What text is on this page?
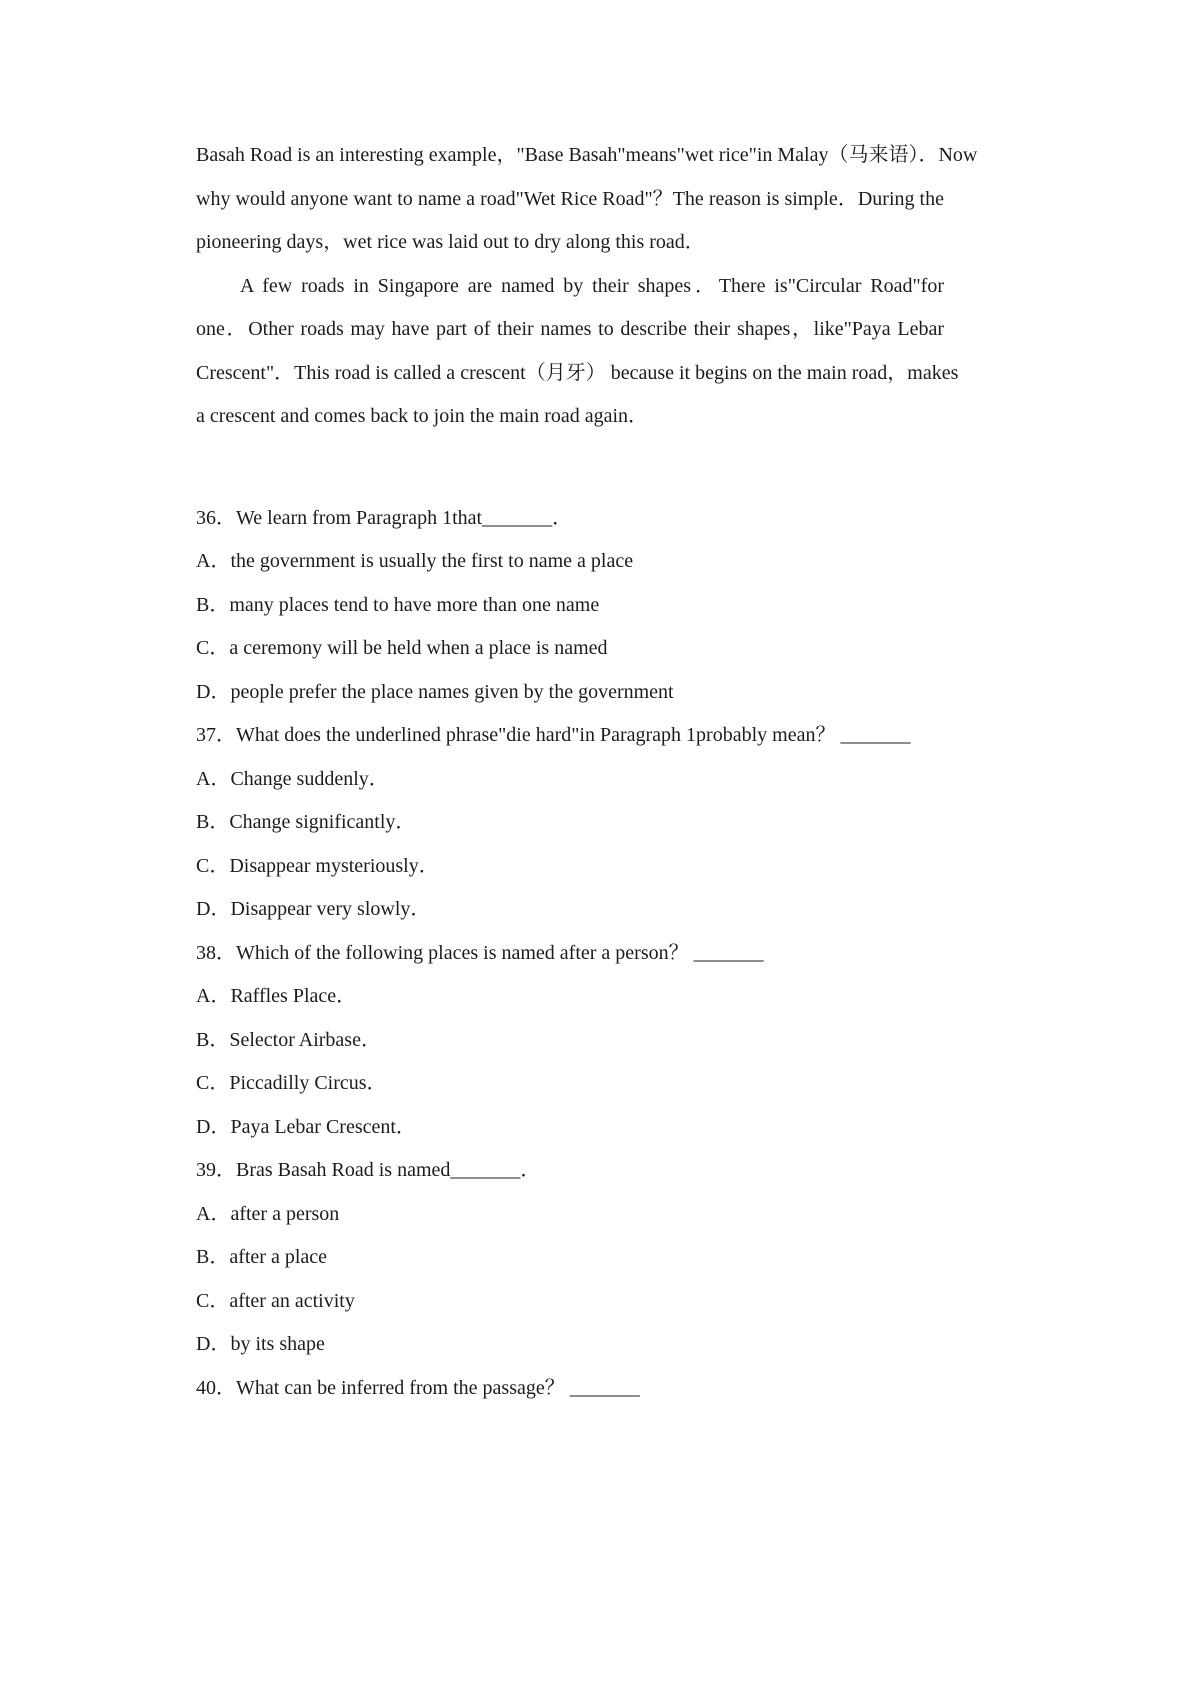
Basah Road is an interesting example，"Base Basah"means"wet rice"in Malay（马来语）．Now
why would anyone want to name a road"Wet Rice Road"？The reason is simple．During the
pioneering days，wet rice was laid out to dry along this road．
A few roads in Singapore are named by their shapes．There is"Circular Road"for
one．Other roads may have part of their names to describe their shapes，like"Paya Lebar
Crescent"．This road is called a crescent（月牙） because it begins on the main road，makes
a crescent and comes back to join the main road again．
36．We learn from Paragraph 1that_______．
A．the government is usually the first to name a place
B．many places tend to have more than one name
C．a ceremony will be held when a place is named
D．people prefer the place names given by the government
37．What does the underlined phrase"die hard"in Paragraph 1probably mean？ _______
A．Change suddenly．
B．Change significantly．
C．Disappear mysteriously．
D．Disappear very slowly．
38．Which of the following places is named after a person？ _______
A．Raffles Place．
B．Selector Airbase．
C．Piccadilly Circus．
D．Paya Lebar Crescent．
39．Bras Basah Road is named_______．
A．after a person
B．after a place
C．after an activity
D．by its shape
40．What can be inferred from the passage？ _______
